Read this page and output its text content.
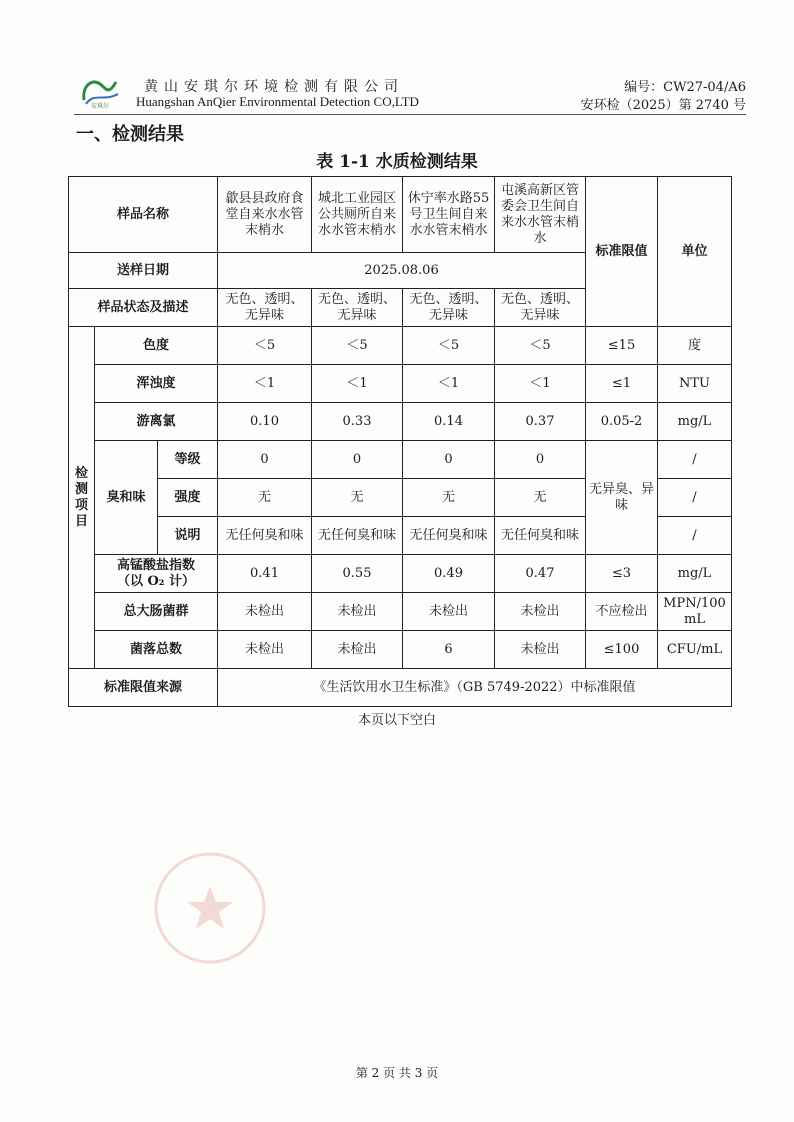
安琪尔
黄山安琪尔环境检测有限公司
Huangshan AnQier Environmental Detection CO,LTD
编号：CW27-04/A6
安环检（2025）第 2740 号
一、检测结果
表 1-1 水质检测结果
样品名称			歙县县政府食堂自来水水管末梢水	城北工业园区公共厕所自来水水管末梢水	休宁率水路55号卫生间自来水水管末梢水	屯溪高新区管委会卫生间自来水水管末梢水	标准限值	单位
送样日期			2025.08.06					
样品状态及描述			无色、透明、无异味	无色、透明、无异味	无色、透明、无异味	无色、透明、无异味		
检测项目	色度		＜5	＜5	＜5	＜5	≤15	度
	浑浊度		＜1	＜1	＜1	＜1	≤1	NTU
	游离氯		0.10	0.33	0.14	0.37	0.05-2	mg/L
	臭和味	等级	0	0	0	0	无异臭、异味	/
		强度	无	无	无	无		/
		说明	无任何臭和味	无任何臭和味	无任何臭和味	无任何臭和味		/

	高锰酸盐指数
（以 O₂ 计）		0.41	0.55	0.49	0.47	≤3	mg/L
	总大肠菌群		未检出	未检出	未检出	未检出	不应检出	MPN/100mL
	菌落总数		未检出	未检出	6	未检出	≤100	CFU/mL
标准限值来源			《生活饮用水卫生标准》（GB 5749-2022）中标准限值					
本页以下空白
第 2 页 共 3 页
